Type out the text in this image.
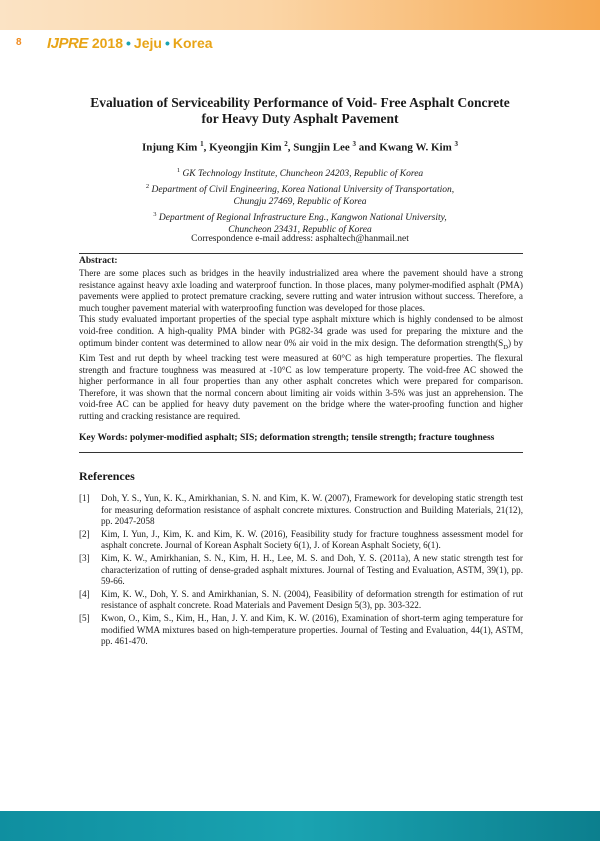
8 IJPRE 2018 • Jeju • Korea
Evaluation of Serviceability Performance of Void- Free Asphalt Concrete
for Heavy Duty Asphalt Pavement
Injung Kim $^1$, Kyeongjin Kim $^2$, Sungjin Lee $^3$ and Kwang W. Kim $^3$
$^1$ GK Technology Institute, Chuncheon 24203, Republic of Korea
$^2$ Department of Civil Engineering, Korea National University of Transportation,
Chungju 27469, Republic of Korea
$^3$ Department of Regional Infrastructure Eng., Kangwon National University,
Chuncheon 23431, Republic of Korea
Correspondence e-mail address: asphaltech@hanmail.net
Abstract:

There are some places such as bridges in the heavily industrialized area where the pavement should have a strong resistance against heavy axle loading and waterproof function. In those places, many polymer-modified asphalt (PMA) pavements were applied to protect premature cracking, severe rutting and water intrusion without success. Therefore, a much tougher pavement material with waterproofing function was developed for those places.

This study evaluated important properties of the special type asphalt mixture which is highly condensed to be almost void-free condition. A high-quality PMA binder with PG82-34 grade was used for preparing the mixture and the optimum binder content was determined to allow near 0% air void in the mix design. The deformation $strength(S_D)$ by Kim Test and rut depth by wheel tracking test were measured at 60°C as high temperature properties. The flexural strength and fracture toughness was measured at -10°C as low temperature property. The void-free AC showed the higher performance in all four properties than any other asphalt concretes which were prepared for comparison. Therefore, it was shown that the normal concern about limiting air voids within 3-5% was just an apprehension. The void-free AC can be applied for heavy duty pavement on the bridge where the water-proofing function and higher rutting and cracking resistance are required.

Key Words: polymer-modified asphalt; SIS; deformation strength; tensile strength; fracture toughness
References
[1]	Doh, Y. S., Yun, K. K., Amirkhanian, S. N. and Kim, K. W. (2007), Framework for developing static strength test for measuring deformation resistance of asphalt concrete mixtures. Construction and Building Materials, 21(12), pp. 2047-2058
[2]	Kim, I. Yun, J., Kim, K. and Kim, K. W. (2016), Feasibility study for fracture toughness assessment model for asphalt concrete. Journal of Korean Asphalt Society 6(1), J. of Korean Asphalt Society, 6(1).
[3]	Kim, K. W., Amirkhanian, S. N., Kim, H. H., Lee, M. S. and Doh, Y. S. (2011a), A new static strength test for characterization of rutting of dense-graded asphalt mixtures. Journal of Testing and Evaluation, ASTM, 39(1), pp. 59-66.
[4]	Kim, K. W., Doh, Y. S. and Amirkhanian, S. N. (2004), Feasibility of deformation strength for estimation of rut resistance of asphalt concrete. Road Materials and Pavement Design 5(3), pp. 303-322.
[5]	Kwon, O., Kim, S., Kim, H., Han, J. Y. and Kim, K. W. (2016), Examination of short-term aging temperature for modified WMA mixtures based on high-temperature properties. Journal of Testing and Evaluation, 44(1), ASTM, pp. 461-470.
